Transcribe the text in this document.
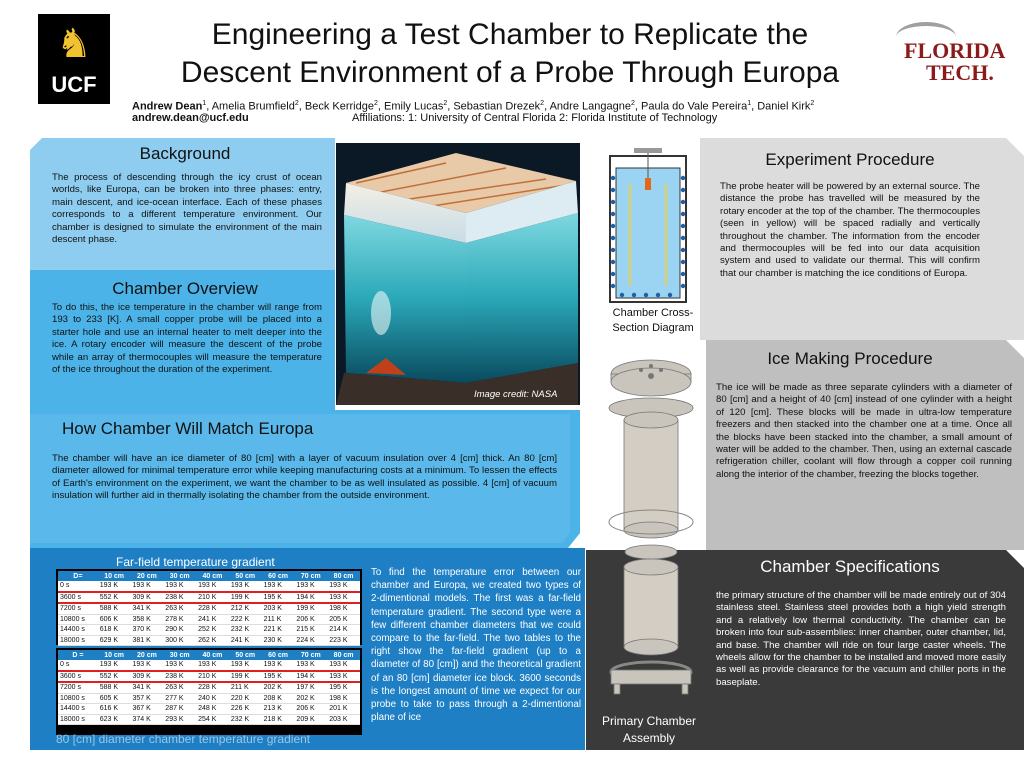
♞
UCF
FLORIDA
TECH.
Engineering a Test Chamber to Replicate the
Descent Environment of a Probe Through Europa
Andrew Dean$^1$, Amelia Brumfield$^2$, Beck Kerridge$^2$, Emily Lucas$^2$, Sebastian Drezek$^2$, Andre Langagne$^2$, Paula do Vale Pereira$^1$, Daniel Kirk$^2$
andrew.dean@ucf.edu	Affiliations: 1: University of Central Florida 2: Florida Institute of Technology
Image credit: NASA
Background
The process of descending through the icy crust of ocean worlds, like Europa, can be broken into three phases: entry, main descent, and ice-ocean interface. Each of these phases corresponds to a different temperature environment. Our chamber is designed to simulate the environment of the main descent phase.
Chamber Overview
To do this, the ice temperature in the chamber will range from 193 to 233 [K]. A small copper probe will be placed into a starter hole and use an internal heater to melt deeper into the ice. A rotary encoder will measure the descent of the probe while an array of thermocouples will measure the temperature of the ice throughout the duration of the experiment.
How Chamber Will Match Europa
The chamber will have an ice diameter of 80 [cm] with a layer of vacuum insulation over 4 [cm] thick. An 80 [cm] diameter allowed for minimal temperature error while keeping manufacturing costs at a minimum. To lessen the effects of Earth's environment on the experiment, we want the chamber to be as well insulated as possible. 4 [cm] of vacuum insulation will further aid in thermally isolating the chamber from the outside environment.
Far-field temperature gradient
D=	10 cm	20 cm	30 cm	40 cm	50 cm	60 cm	70 cm	80 cm
0 s	193 K	193 K	193 K	193 K	193 K	193 K	193 K	193 K
3600 s	552 K	309 K	238 K	210 K	199 K	195 K	194 K	193 K
7200 s	588 K	341 K	263 K	228 K	212 K	203 K	199 K	198 K
10800 s	606 K	358 K	278 K	241 K	222 K	211 K	206 K	205 K
14400 s	618 K	370 K	290 K	252 K	232 K	221 K	215 K	214 K
18000 s	629 K	381 K	300 K	262 K	241 K	230 K	224 K	223 K
D =	10 cm	20 cm	30 cm	40 cm	50 cm	60 cm	70 cm	80 cm
0 s	193 K	193 K	193 K	193 K	193 K	193 K	193 K	193 K
3600 s	552 K	309 K	238 K	210 K	199 K	195 K	194 K	193 K
7200 s	588 K	341 K	263 K	228 K	211 K	202 K	197 K	195 K
10800 s	605 K	357 K	277 K	240 K	220 K	208 K	202 K	198 K
14400 s	616 K	367 K	287 K	248 K	226 K	213 K	206 K	201 K
18000 s	623 K	374 K	293 K	254 K	232 K	218 K	209 K	203 K
80 [cm] diameter chamber temperature gradient
To find the temperature error between our chamber and Europa, we created two types of 2-dimentional models. The first was a far-field temperature gradient. The second type were a few different chamber diameters that we could compare to the far-field. The two tables to the right show the far-field gradient (up to a diameter of 80 [cm]) and the theoretical gradient of an 80 [cm] diameter ice block. 3600 seconds is the longest amount of time we expect for our probe to take to pass through a 2-dimentional plane of ice
Chamber Cross-Section Diagram
Experiment Procedure
The probe heater will be powered by an external source. The distance the probe has travelled will be measured by the rotary encoder at the top of the chamber. The thermocouples (seen in yellow) will be spaced radially and vertically throughout the chamber. The information from the encoder and thermocouples will be fed into our data acquisition system and used to validate our thermal. This will confirm that our chamber is matching the ice conditions of Europa.
Primary Chamber Assembly
Ice Making Procedure
The ice will be made as three separate cylinders with a diameter of 80 [cm] and a height of 40 [cm] instead of one cylinder with a height of 120 [cm]. These blocks will be made in ultra-low temperature freezers and then stacked into the chamber one at a time. Once all the blocks have been stacked into the chamber, a small amount of water will be added to the chamber. Then, using an external cascade refrigeration chiller, coolant will flow through a copper coil running along the interior of the chamber, freezing the blocks together.
Chamber Specifications
the primary structure of the chamber will be made entirely out of 304 stainless steel. Stainless steel provides both a high yield strength and a relatively low thermal conductivity. The chamber can be broken into four sub-assemblies: inner chamber, outer chamber, lid, and base. The chamber will ride on four large caster wheels. The wheels allow for the chamber to be installed and moved more easily as well as provide clearance for the vacuum and chiller ports in the baseplate.
